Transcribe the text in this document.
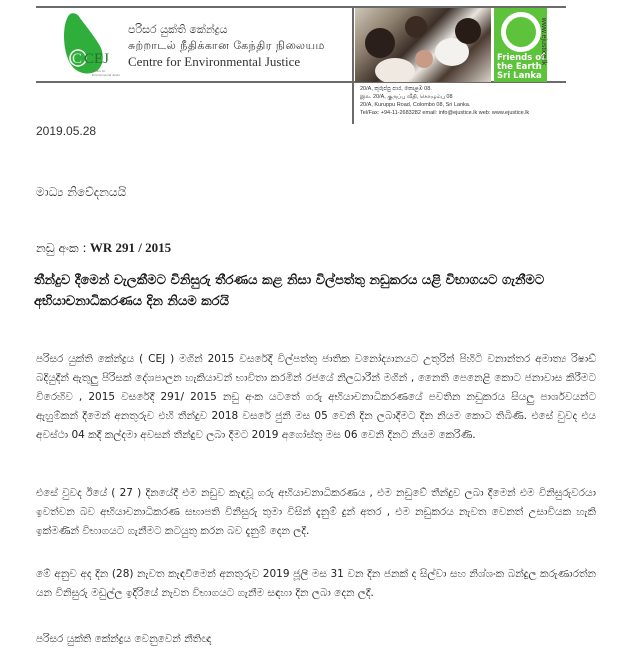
C CEJ
Centre for
Environmental Justice
පරිසර යුක්ති කේන්ද්‍රය
சுற்றாடல் நீதிக்கான கேந்திர நிலையம
Centre for Environmental Justice	Friends of
the Earth
Sri Lanka
www.ejustice.lk
20/A, කුරුප්පු පාර, කොළඹ 08.
இல. 20/A, குருப்பு வீதி, கொழும்பு 08
20/A, Kuruppu Road, Colombo 08, Sri Lanka.
Tel/Fax: +94-11-2683282 email: info@ejustice.lk web: www.ejustice.lk
2019.05.28
මාධ්‍ය නිවේදනයයි
නඩු අංක : WR 291 / 2015
තීන්දුව දීමෙන් වැලකීමට විනිසුරු තීරණය කළ නිසා විල්පත්තු නඩුකරය යළි විභාගයට ගැනීමට අභියාචනාධිකරණය දින නියම කරයි
පරිසර යුක්ති කේන්ද්‍රය ( CEJ ) මගින් 2015 වසරේදී විල්පත්තු ජාතික වනෝද්‍යානයට උතුරින් පිහිටි වනාන්තර අමාත්‍ය රිෂාඩ් බදියුදීන් ඇතුලු පිරිසක් දේශපාලන හැකියාවන් භාවිතා කරමින් රජයේ නිලධාරීන් මගින් , නෛති පෙනෙළි කොට ජනාවාස කිරීමට විරෙහිව , 2015 වසරේදී 291/ 2015 නඩු අංක යටතේ ගරු අභියාචනාධිකරණයේ පවතින නඩුකරය සියලු පාර්ශවයන්ට ඇහුම්කන් දීමෙන් අනතුරුව එහි තීන්දුව 2018 වසරේ ජුනි මස 05 වෙනි දින ලබාදීමට දින නියම කොට තිබිණි. එසේ වුවද එය අවස්ථා 04 කදී කල්දමා අවසන් තීන්දුව ලබා දීමට 2019 අගෝස්තු මස 06 වෙනි දිනට නියම කෙරිණි.
එසේ වුවද ඊයේ ( 27 ) දිනයේදී එම නඩුව කැඳවූ ගරු අභියාචනාධිකරණය , එම නඩුවේ තීන්දුව ලබා දීමෙන් එම විනිසුරුවරයා ඉවත්වන බව අභියාචනාධිකරණ සභාපති විනිසුරු තුමා විසින් දැනුම් දුන් අතර , එම නඩුකරය නැවත වෙනත් උසාවියක හැකි ඉක්මණින් විභාගයට ගැනීමට කටයුතු කරන බව දැනුම් දෙන ලදී.
මේ අනුව අද දින (28) නැවත කැඳවීමෙන් අනතුරුව 2019 ජූලි මස 31 වන දින ජනක් ද සිල්වා සහ නිශ්ශංක බන්දුල කරුණාරත්න යන විනිසුරු මඩුල්ල ඉදිරියේ නැවත විභාගයට ගැනීම සඳහා දින ලබා දෙන ලදී.
පරිසර යුක්ති කේන්ද්‍රය වෙනුවෙන් නීතිඥ
